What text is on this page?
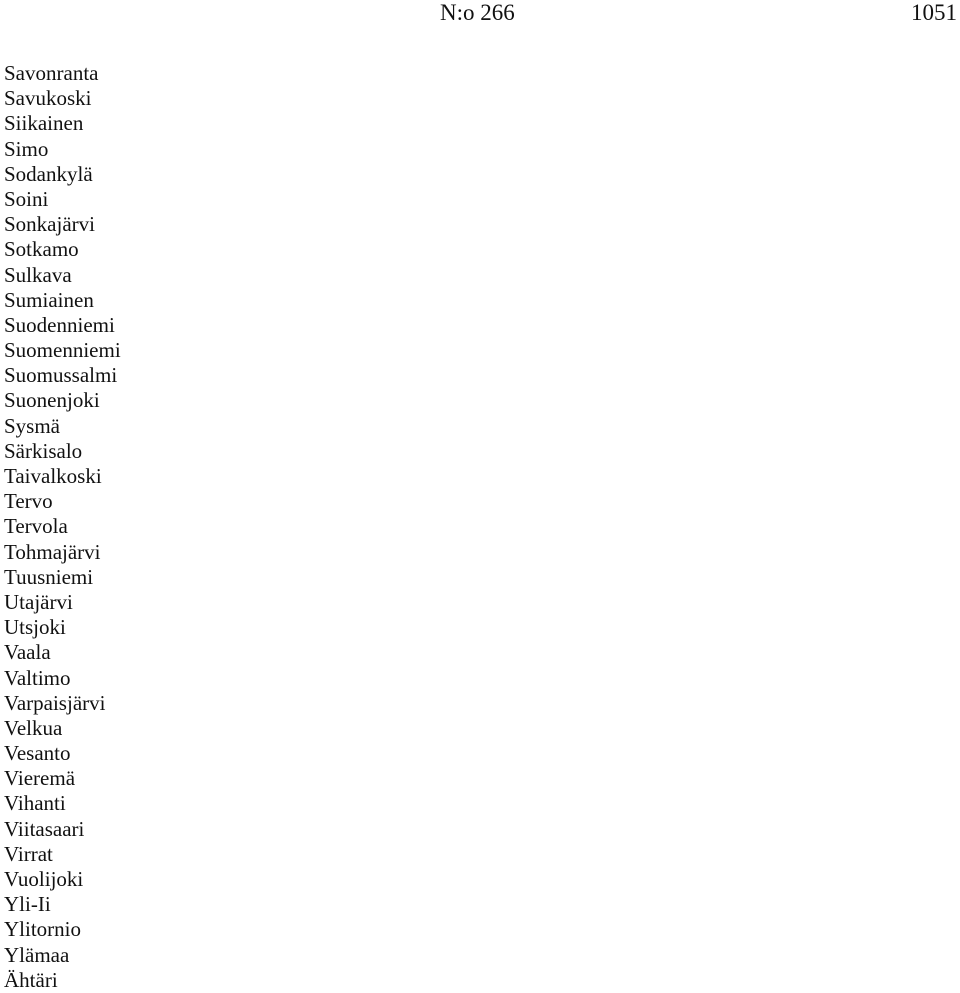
N:o 266	1051
Savonranta
Savukoski
Siikainen
Simo
Sodankylä
Soini
Sonkajärvi
Sotkamo
Sulkava
Sumiainen
Suodenniemi
Suomenniemi
Suomussalmi
Suonenjoki
Sysmä
Särkisalo
Taivalkoski
Tervo
Tervola
Tohmajärvi
Tuusniemi
Utajärvi
Utsjoki
Vaala
Valtimo
Varpaisjärvi
Velkua
Vesanto
Vieremä
Vihanti
Viitasaari
Virrat
Vuolijoki
Yli-Ii
Ylitornio
Ylämaa
Ähtäri
